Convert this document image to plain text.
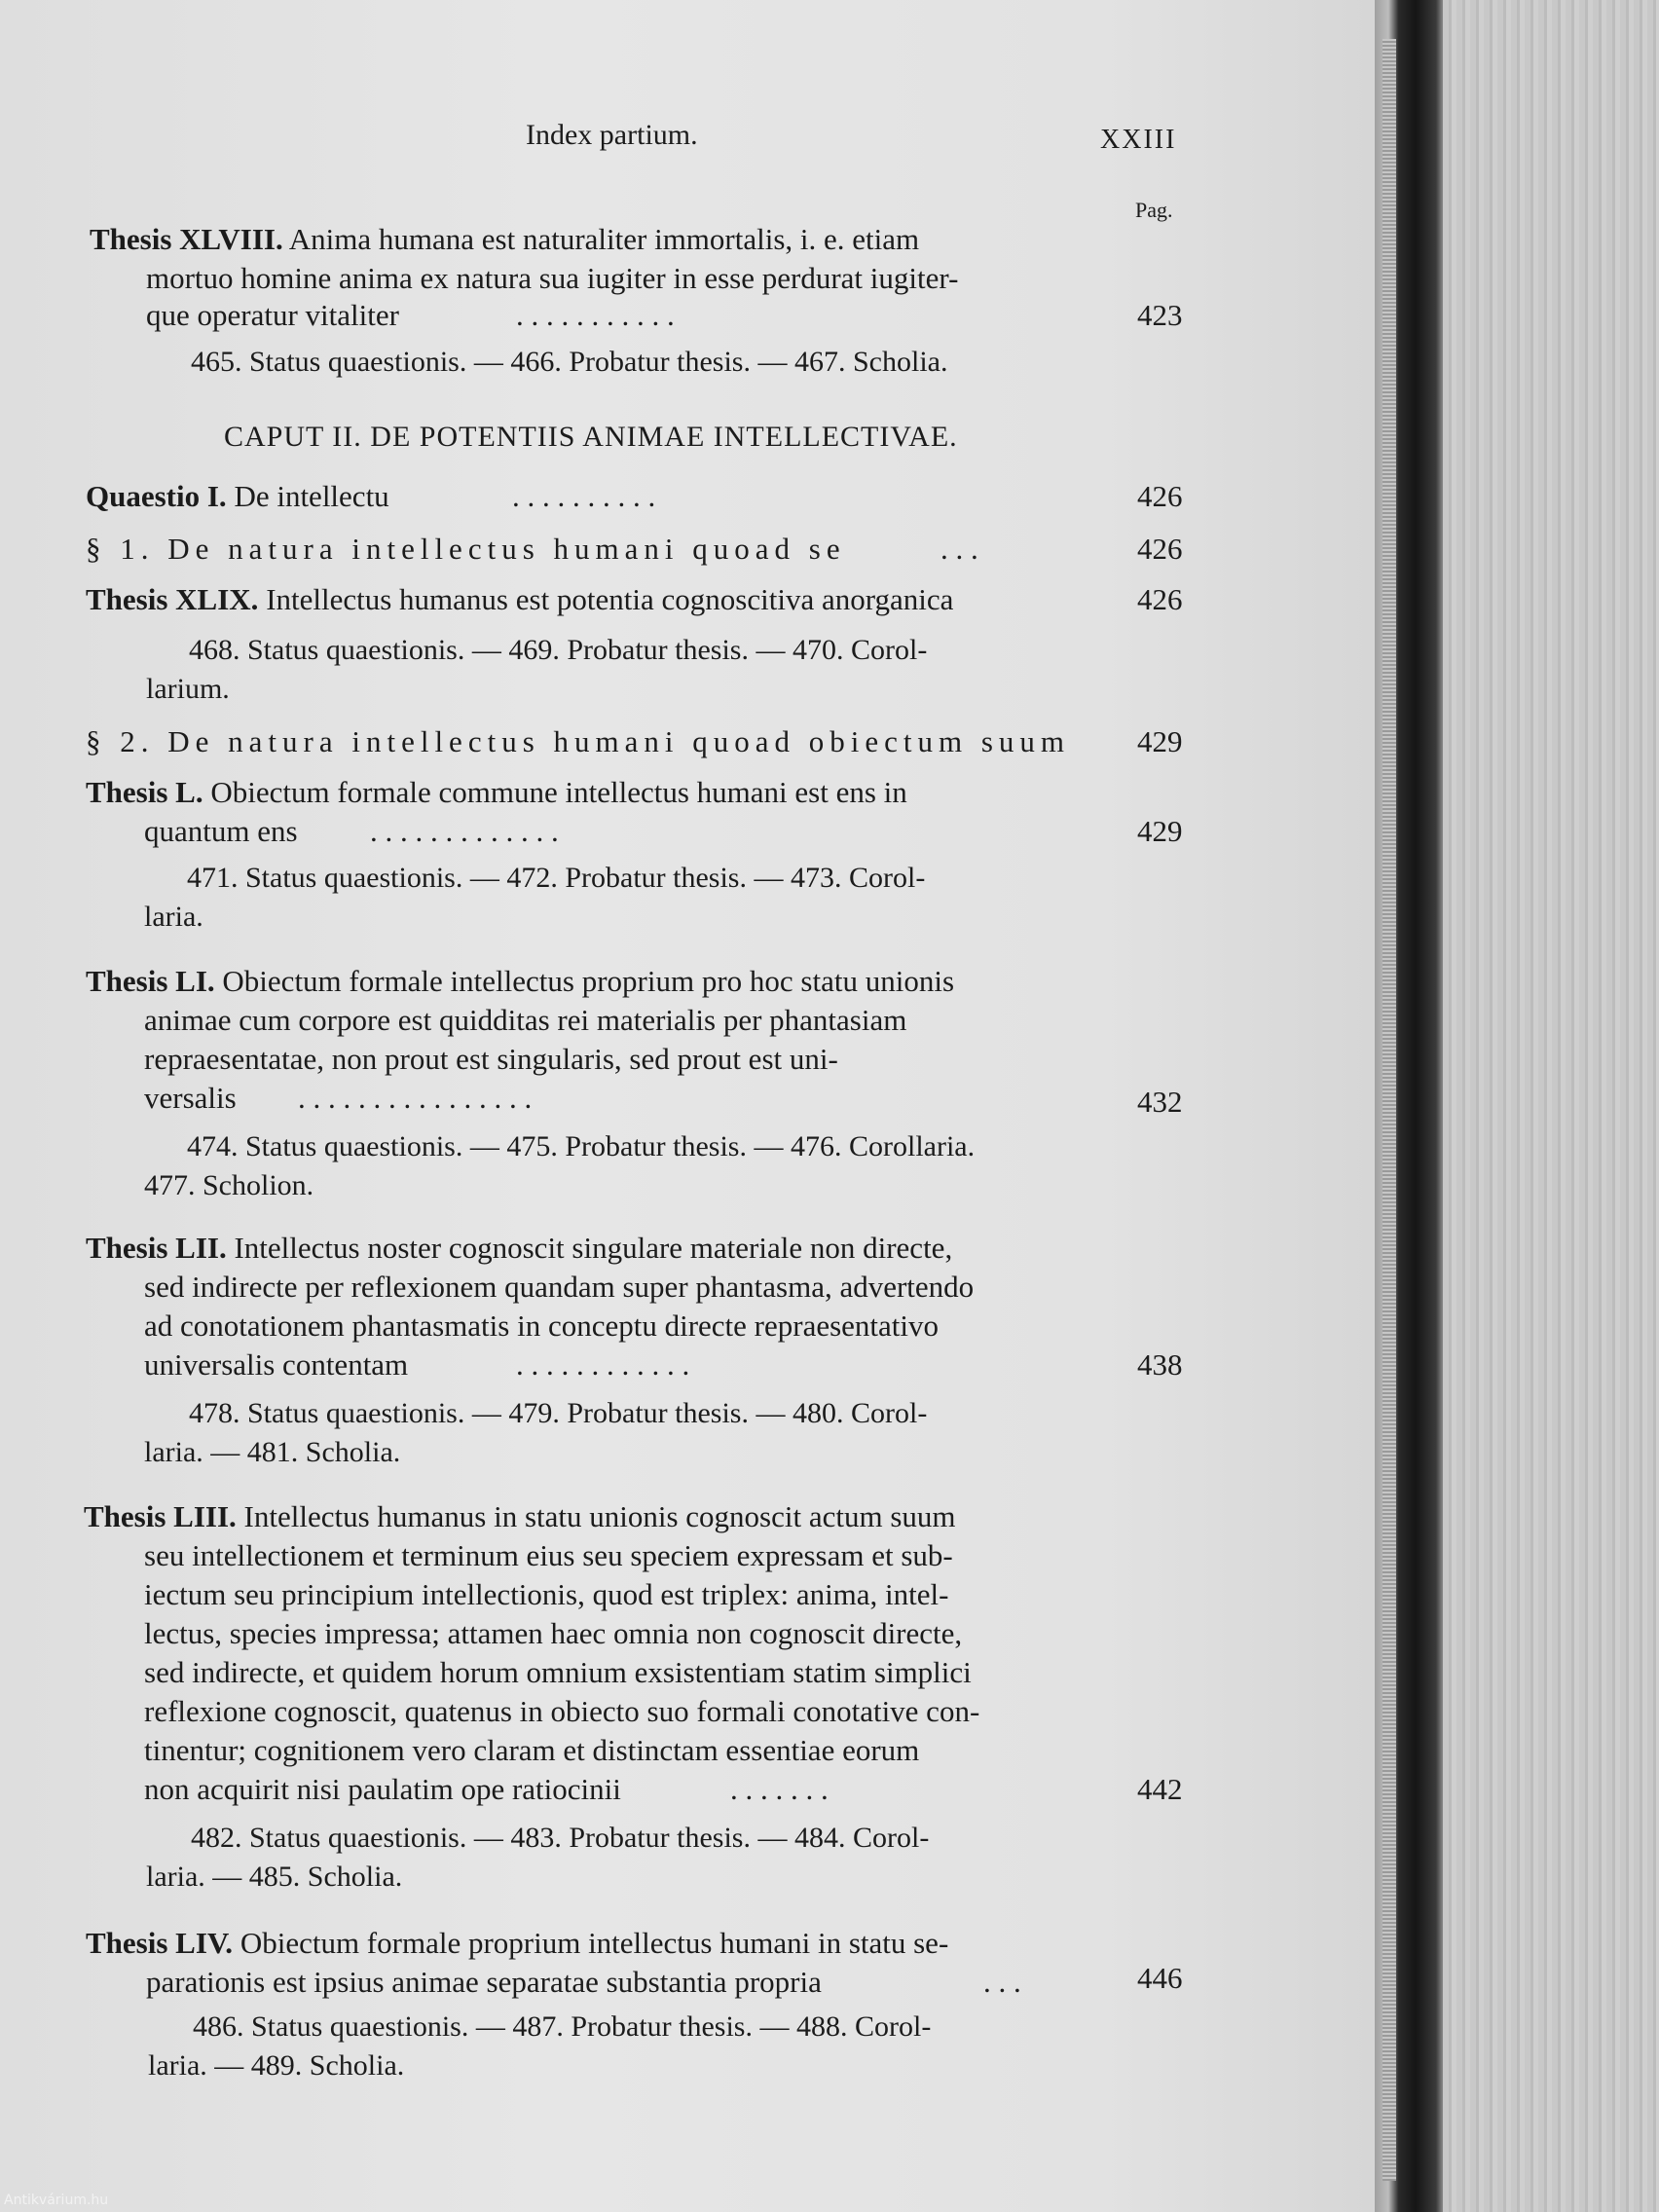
Index partium.	XXIII
Pag.
Thesis XLVIII. Anima humana est naturaliter immortalis, i. e. etiam
mortuo homine anima ex natura sua iugiter in esse perdurat iugiter-
que operatur vitaliter	. . . . . . . . . . .	423
465. Status quaestionis. — 466. Probatur thesis. — 467. Scholia.
CAPUT II. DE POTENTIIS ANIMAE INTELLECTIVAE.
Quaestio I. De intellectu	. . . . . . . . . .	426
§ 1. De natura intellectus humani quoad se	. . .	426
Thesis XLIX. Intellectus humanus est potentia cognoscitiva anorganica	426
468. Status quaestionis. — 469. Probatur thesis. — 470. Corol-
larium.
§ 2. De natura intellectus humani quoad obiectum suum 429
Thesis L. Obiectum formale commune intellectus humani est ens in
quantum ens . . . . . . . . . . . . .	429
471. Status quaestionis. — 472. Probatur thesis. — 473. Corol-
laria.
Thesis LI. Obiectum formale intellectus proprium pro hoc statu unionis
animae cum corpore est quidditas rei materialis per phantasiam
repraesentatae, non prout est singularis, sed prout est uni-
versalis . . . . . . . . . . . . . . . .	432
474. Status quaestionis. — 475. Probatur thesis. — 476. Corollaria.
477. Scholion.
Thesis LII. Intellectus noster cognoscit singulare materiale non directe,
sed indirecte per reflexionem quandam super phantasma, advertendo
ad conotationem phantasmatis in conceptu directe repraesentativo
universalis contentam	. . . . . . . . . . . .	438
478. Status quaestionis. — 479. Probatur thesis. — 480. Corol-
laria. — 481. Scholia.
Thesis LIII. Intellectus humanus in statu unionis cognoscit actum suum
seu intellectionem et terminum eius seu speciem expressam et sub-
iectum seu principium intellectionis, quod est triplex: anima, intel-
lectus, species impressa; attamen haec omnia non cognoscit directe,
sed indirecte, et quidem horum omnium exsistentiam statim simplici
reflexione cognoscit, quatenus in obiecto suo formali conotative con-
tinentur; cognitionem vero claram et distinctam essentiae eorum
non acquirit nisi paulatim ope ratiocinii	. . . . . . .	442
482. Status quaestionis. — 483. Probatur thesis. — 484. Corol-
laria. — 485. Scholia.
Thesis LIV. Obiectum formale proprium intellectus humani in statu se-
parationis est ipsius animae separatae substantia propria	. . .	446
486. Status quaestionis. — 487. Probatur thesis. — 488. Corol-
laria. — 489. Scholia.
Antikvárium.hu
